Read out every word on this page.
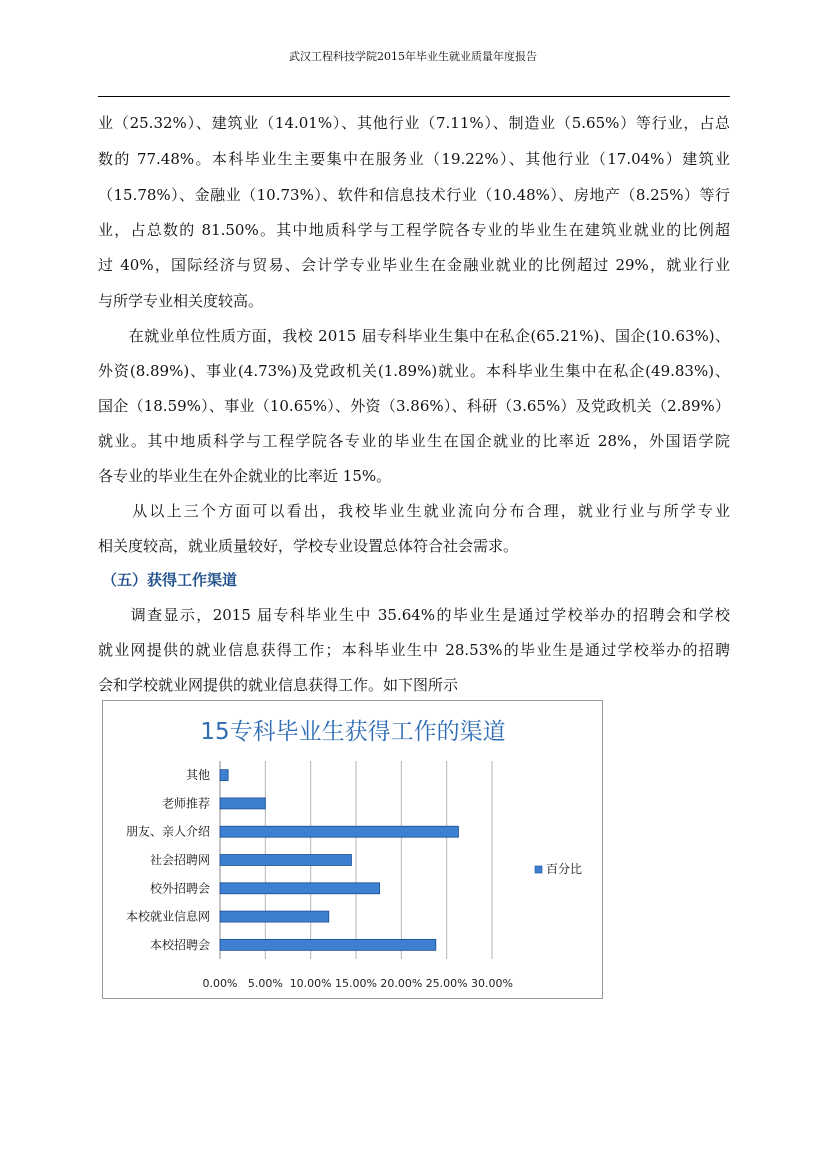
武汉工程科技学院2015年毕业生就业质量年度报告
业（25.32%）、建筑业（14.01%）、其他行业（7.11%）、制造业（5.65%）等行业，占总
数的 77.48%。本科毕业生主要集中在服务业（19.22%）、其他行业（17.04%）建筑业
（15.78%）、金融业（10.73%）、软件和信息技术行业（10.48%）、房地产（8.25%）等行
业，占总数的 81.50%。其中地质科学与工程学院各专业的毕业生在建筑业就业的比例超
过 40%，国际经济与贸易、会计学专业毕业生在金融业就业的比例超过 29%，就业行业
与所学专业相关度较高。
　　在就业单位性质方面，我校 2015 届专科毕业生集中在私企(65.21%)、国企(10.63%)、
外资(8.89%)、事业(4.73%)及党政机关(1.89%)就业。本科毕业生集中在私企(49.83%)、
国企（18.59%）、事业（10.65%）、外资（3.86%）、科研（3.65%）及党政机关（2.89%）
就业。其中地质科学与工程学院各专业的毕业生在国企就业的比率近 28%，外国语学院
各专业的毕业生在外企就业的比率近 15%。
　　从以上三个方面可以看出，我校毕业生就业流向分布合理，就业行业与所学专业
相关度较高，就业质量较好，学校专业设置总体符合社会需求。
（五）获得工作渠道
　　调查显示，2015 届专科毕业生中 35.64%的毕业生是通过学校举办的招聘会和学校
就业网提供的就业信息获得工作；本科毕业生中 28.53%的毕业生是通过学校举办的招聘
会和学校就业网提供的就业信息获得工作。如下图所示
15专科毕业生获得工作的渠道
0.00% 5.00% 10.00% 15.00% 20.00% 25.00% 30.00%
其他
老师推荐
朋友、亲人介绍
社会招聘网
校外招聘会
本校就业信息网
本校招聘会
百分比
